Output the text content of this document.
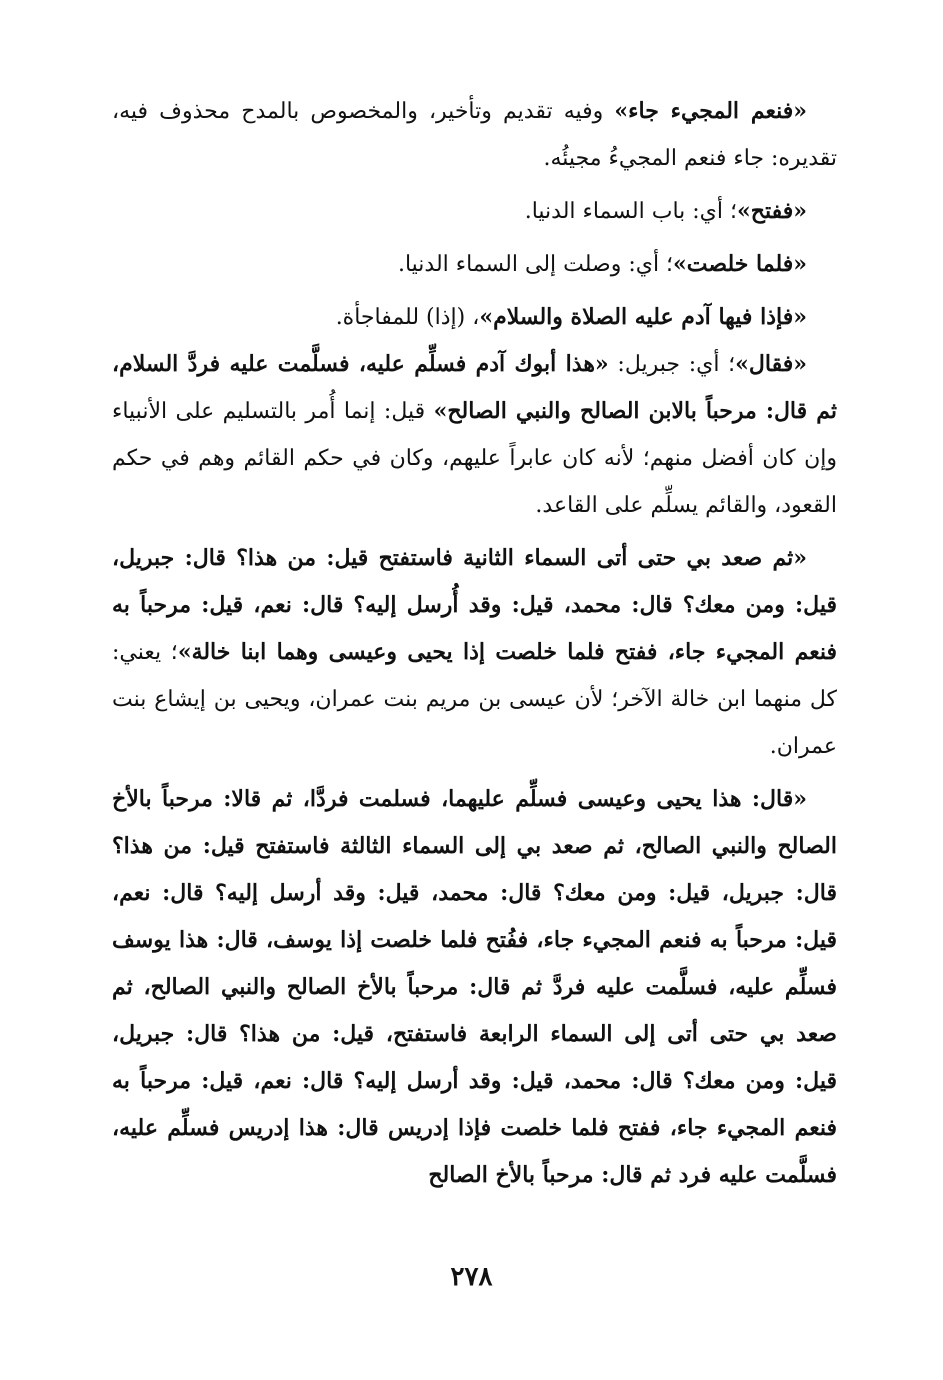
«فنعم المجيء جاء» وفيه تقديم وتأخير، والمخصوص بالمدح محذوف فيه، تقديره: جاء فنعم المجيءُ مجيئُه.

«ففتح»؛ أي: باب السماء الدنيا.

«فلما خلصت»؛ أي: وصلت إلى السماء الدنيا.

«فإذا فيها آدم عليه الصلاة والسلام»، (إذا) للمفاجأة.

«فقال»؛ أي: جبريل: «هذا أبوك آدم فسلِّم عليه، فسلَّمت عليه فردَّ السلام، ثم قال: مرحباً بالابن الصالح والنبي الصالح» قيل: إنما أُمر بالتسليم على الأنبياء وإن كان أفضل منهم؛ لأنه كان عابراً عليهم، وكان في حكم القائم وهم في حكم القعود، والقائم يسلِّم على القاعد.

«ثم صعد بي حتى أتى السماء الثانية فاستفتح قيل: من هذا؟ قال: جبريل، قيل: ومن معك؟ قال: محمد، قيل: وقد أُرسل إليه؟ قال: نعم، قيل: مرحباً به فنعم المجيء جاء، ففتح فلما خلصت إذا يحيى وعيسى وهما ابنا خالة»؛ يعني: كل منهما ابن خالة الآخر؛ لأن عيسى بن مريم بنت عمران، ويحيى بن إيشاع بنت عمران.

«قال: هذا يحيى وعيسى فسلِّم عليهما، فسلمت فردَّا، ثم قالا: مرحباً بالأخ الصالح والنبي الصالح، ثم صعد بي إلى السماء الثالثة فاستفتح قيل: من هذا؟ قال: جبريل، قيل: ومن معك؟ قال: محمد، قيل: وقد أرسل إليه؟ قال: نعم، قيل: مرحباً به فنعم المجيء جاء، ففُتح فلما خلصت إذا يوسف، قال: هذا يوسف فسلِّم عليه، فسلَّمت عليه فردَّ ثم قال: مرحباً بالأخ الصالح والنبي الصالح، ثم صعد بي حتى أتى إلى السماء الرابعة فاستفتح، قيل: من هذا؟ قال: جبريل، قيل: ومن معك؟ قال: محمد، قيل: وقد أرسل إليه؟ قال: نعم، قيل: مرحباً به فنعم المجيء جاء، ففتح فلما خلصت فإذا إدريس قال: هذا إدريس فسلِّم عليه، فسلَّمت عليه فرد ثم قال: مرحباً بالأخ الصالح

٢٧٨
